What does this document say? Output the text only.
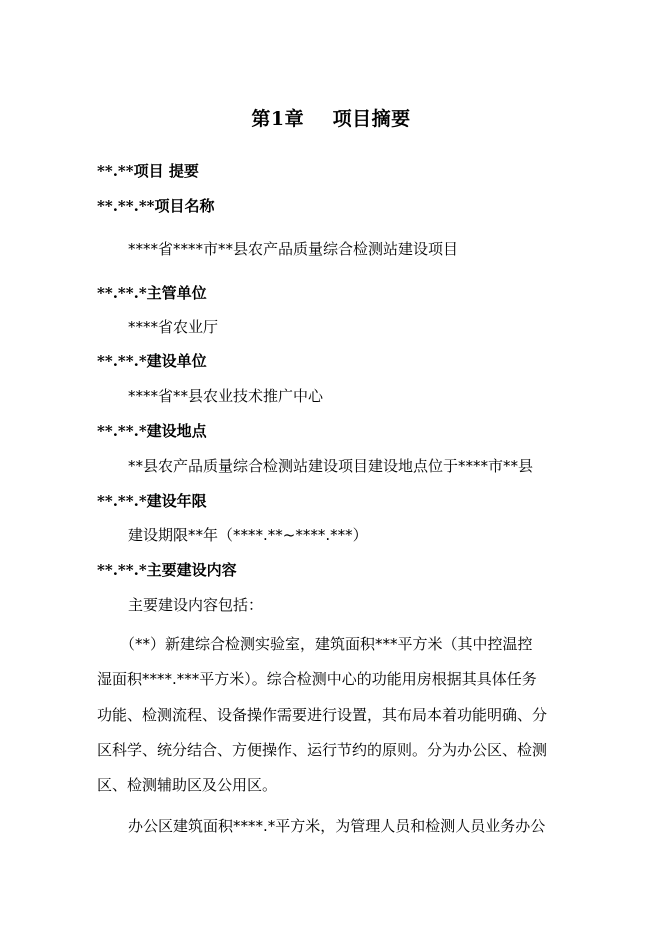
第1章    项目摘要
**.**项目 提要
**.**.**项目名称
****省****市**县农产品质量综合检测站建设项目
**.**.*主管单位
****省农业厅
**.**.*建设单位
****省**县农业技术推广中心
**.**.*建设地点
**县农产品质量综合检测站建设项目建设地点位于****市**县
**.**.*建设年限
建设期限**年（****.**~****.***）
**.**.*主要建设内容
主要建设内容包括：
（**）新建综合检测实验室，建筑面积***平方米（其中控温控
湿面积****.***平方米）。综合检测中心的功能用房根据其具体任务
功能、检测流程、设备操作需要进行设置，其布局本着功能明确、分
区科学、统分结合、方便操作、运行节约的原则。分为办公区、检测
区、检测辅助区及公用区。
办公区建筑面积****.*平方米，为管理人员和检测人员业务办公
